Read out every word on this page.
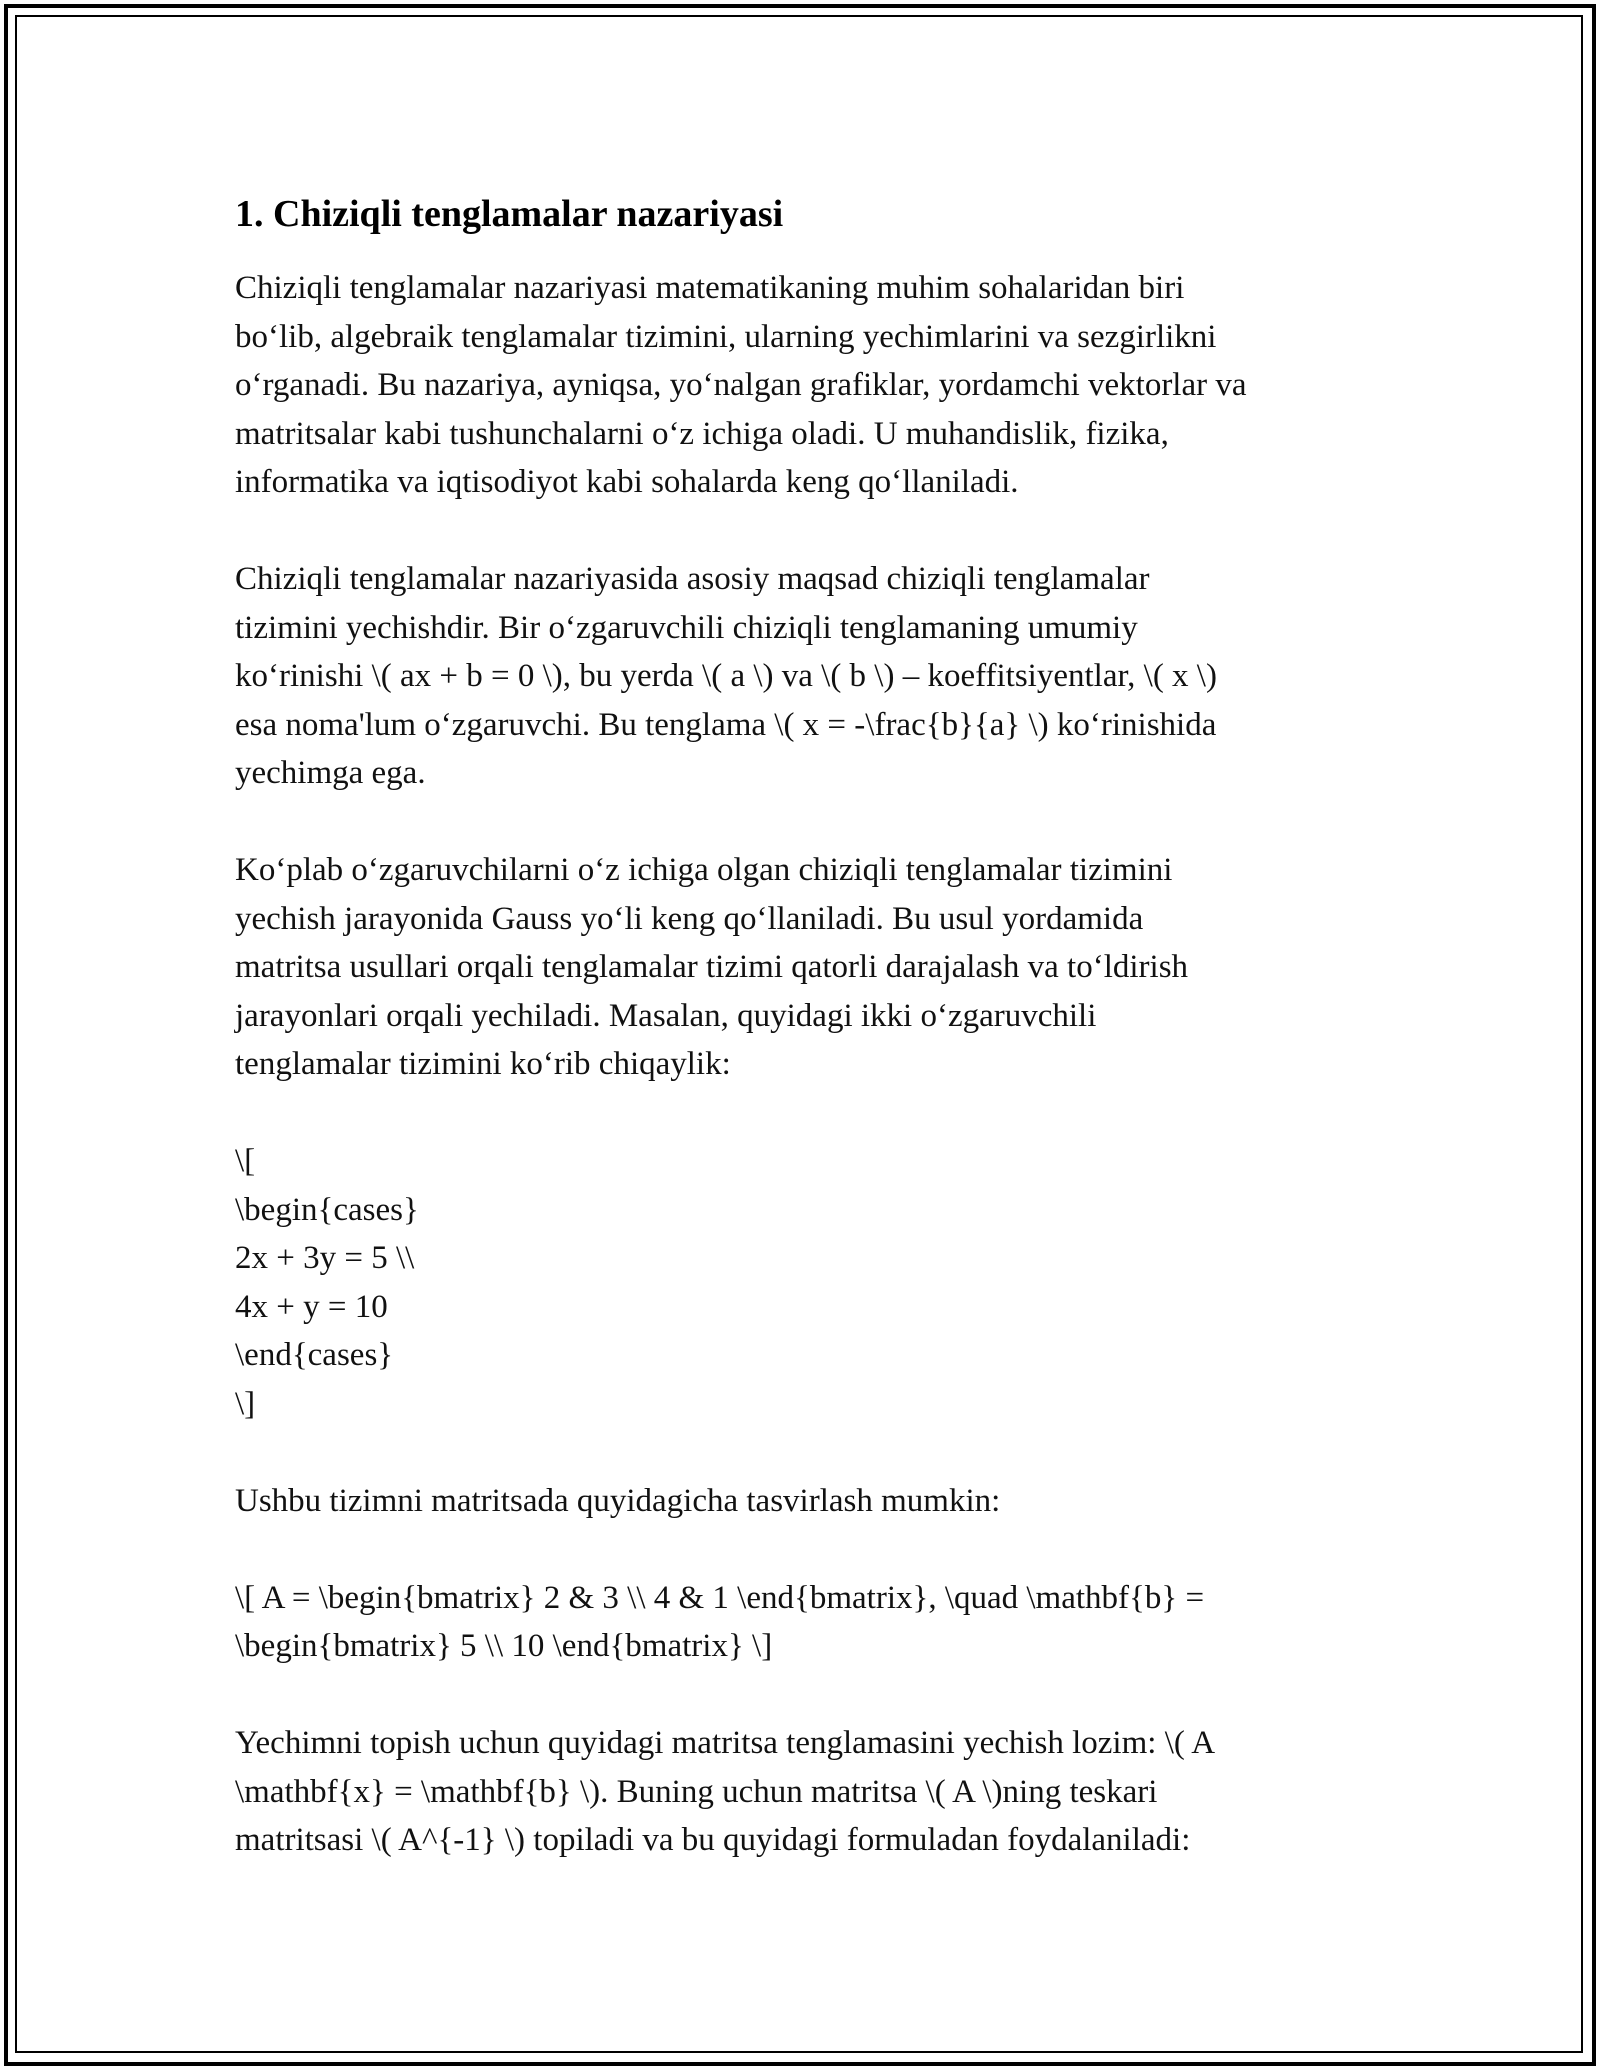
1. Chiziqli tenglamalar nazariyasi

Chiziqli tenglamalar nazariyasi matematikaning muhim sohalaridan biri
bo‘lib, algebraik tenglamalar tizimini, ularning yechimlarini va sezgirlikni
o‘rganadi. Bu nazariya, ayniqsa, yo‘nalgan grafiklar, yordamchi vektorlar va
matritsalar kabi tushunchalarni o‘z ichiga oladi. U muhandislik, fizika,
informatika va iqtisodiyot kabi sohalarda keng qo‘llaniladi.

Chiziqli tenglamalar nazariyasida asosiy maqsad chiziqli tenglamalar
tizimini yechishdir. Bir o‘zgaruvchili chiziqli tenglamaning umumiy
ko‘rinishi \( ax + b = 0 \), bu yerda \( a \) va \( b \) – koeffitsiyentlar, \( x \)
esa noma'lum o‘zgaruvchi. Bu tenglama \( x = -\frac{b}{a} \) ko‘rinishida
yechimga ega.

Ko‘plab o‘zgaruvchilarni o‘z ichiga olgan chiziqli tenglamalar tizimini
yechish jarayonida Gauss yo‘li keng qo‘llaniladi. Bu usul yordamida
matritsa usullari orqali tenglamalar tizimi qatorli darajalash va to‘ldirish
jarayonlari orqali yechiladi. Masalan, quyidagi ikki o‘zgaruvchili
tenglamalar tizimini ko‘rib chiqaylik:

\[
\begin{cases}
2x + 3y = 5 \\
4x + y = 10
\end{cases}
\]

Ushbu tizimni matritsada quyidagicha tasvirlash mumkin:

\[ A = \begin{bmatrix} 2 & 3 \\ 4 & 1 \end{bmatrix}, \quad \mathbf{b} =
\begin{bmatrix} 5 \\ 10 \end{bmatrix} \]

Yechimni topish uchun quyidagi matritsa tenglamasini yechish lozim: \( A
\mathbf{x} = \mathbf{b} \). Buning uchun matritsa \( A \)ning teskari
matritsasi \( A^{-1} \) topiladi va bu quyidagi formuladan foydalaniladi:
